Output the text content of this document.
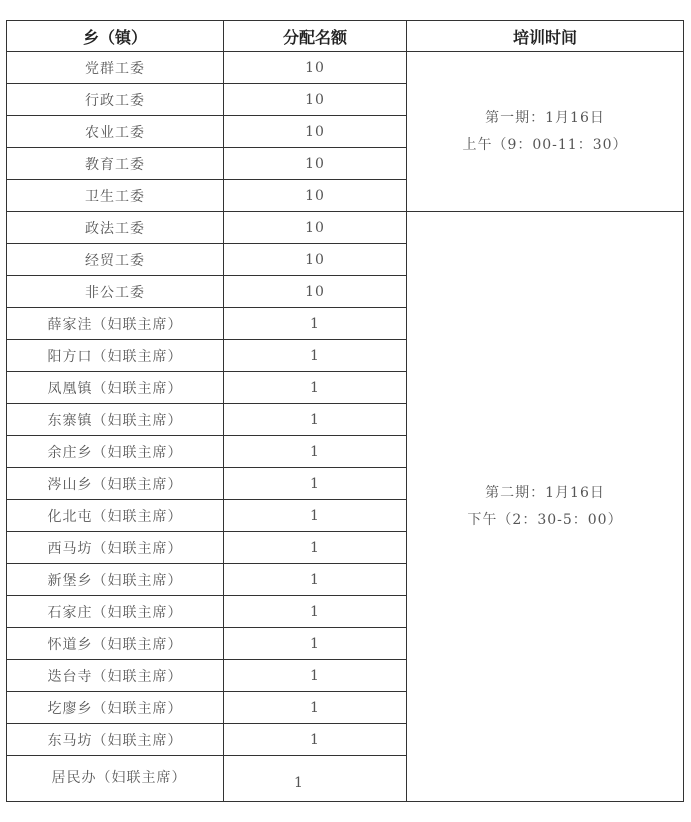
乡（镇）	分配名额	培训时间
党群工委	10	第一期：1月16日
上午（9：00-11：30）

行政工委	10	
农业工委	10	
教育工委	10	
卫生工委	10	
政法工委	10	第二期：1月16日
下午（2：30-5：00）

经贸工委	10	
非公工委	10	
薛家洼（妇联主席）	1	
阳方口（妇联主席）	1	
凤凰镇（妇联主席）	1	
东寨镇（妇联主席）	1	
余庄乡（妇联主席）	1	
涔山乡（妇联主席）	1	
化北屯（妇联主席）	1	
西马坊（妇联主席）	1	
新堡乡（妇联主席）	1	
石家庄（妇联主席）	1	
怀道乡（妇联主席）	1	
迭台寺（妇联主席）	1	
圪廖乡（妇联主席）	1	
东马坊（妇联主席）	1	
居民办（妇联主席）	1	
